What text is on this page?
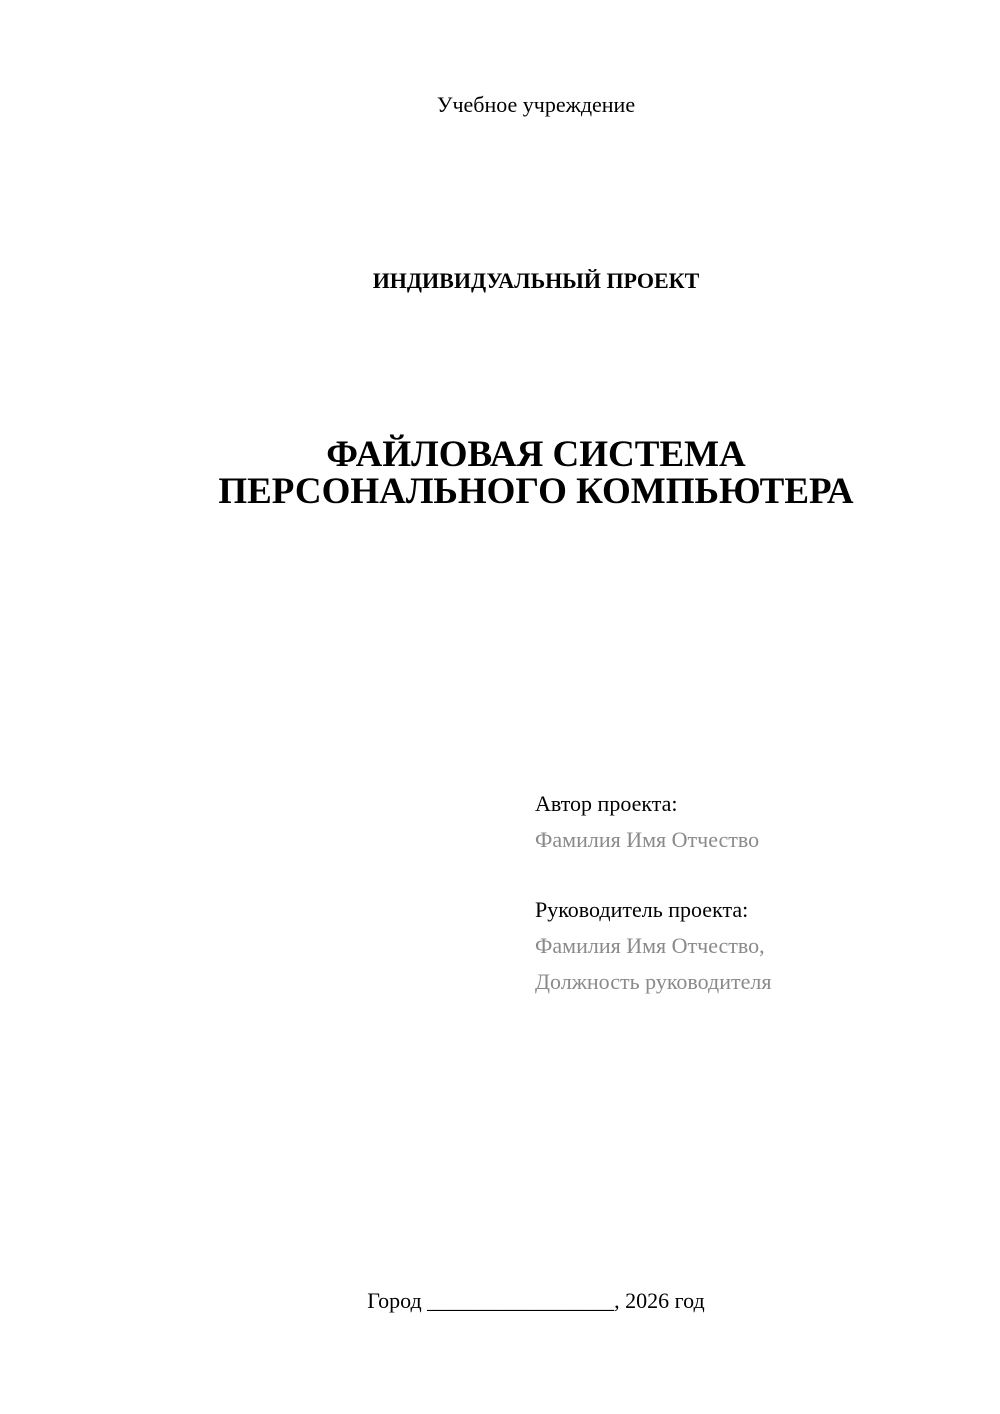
Учебное учреждение
ИНДИВИДУАЛЬНЫЙ ПРОЕКТ
ФАЙЛОВАЯ СИСТЕМА
ПЕРСОНАЛЬНОГО КОМПЬЮТЕРА
Автор проекта:
Фамилия Имя Отчество
Руководитель проекта:
Фамилия Имя Отчество,
Должность руководителя
Город _________________, 2026 год
